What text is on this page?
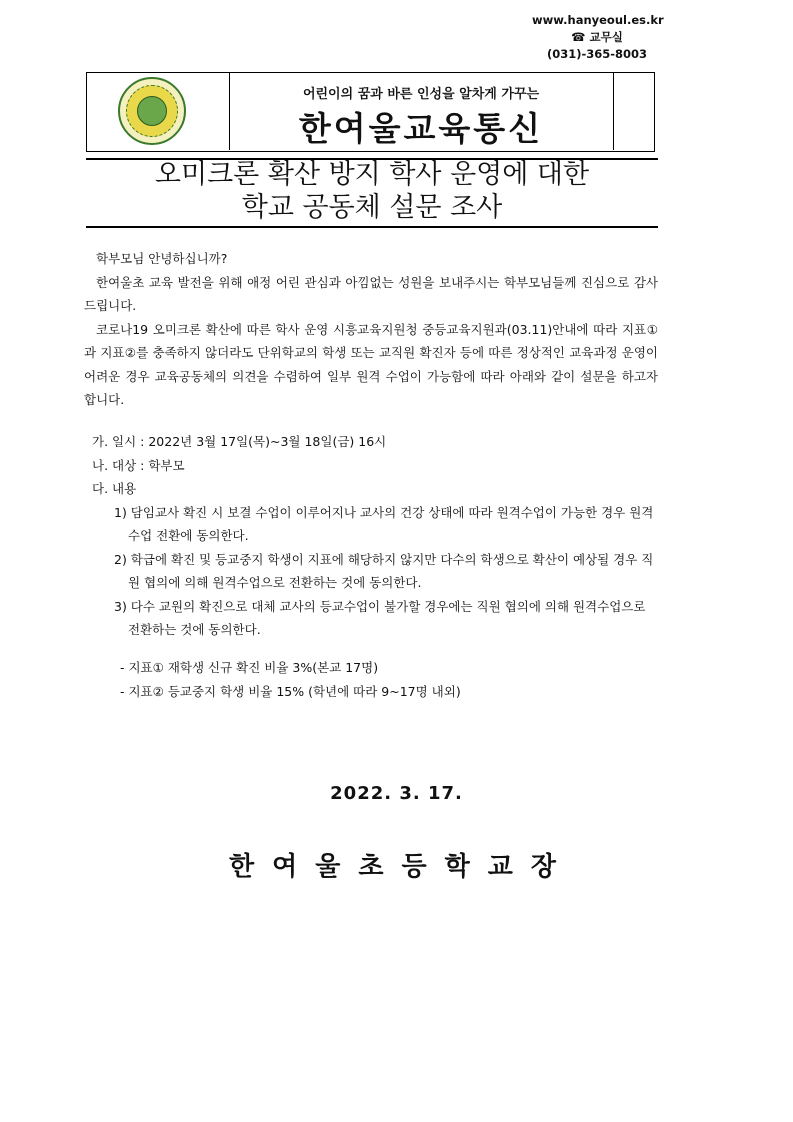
어린이의 꿈과 바른 인성을 알차게 가꾸는
한여울교육통신
www.hanyeoul.es.kr
☎ 교무실
(031)-365-8003
오미크론 확산 방지 학사 운영에 대한
학교 공동체 설문 조사

학부모님 안녕하십니까?

한여울초 교육 발전을 위해 애정 어린 관심과 아낌없는 성원을 보내주시는 학부모님들께 진심으로 감사드립니다.

코로나19 오미크론 확산에 따른 학사 운영 시흥교육지원청 중등교육지원과(03.11)안내에 따라 지표①과 지표②를 충족하지 않더라도 단위학교의 학생 또는 교직원 확진자 등에 따른 정상적인 교육과정 운영이 어려운 경우 교육공동체의 의견을 수렴하여 일부 원격 수업이 가능함에 따라 아래와 같이 설문을 하고자 합니다.

가. 일시 : 2022년 3월 17일(목)~3월 18일(금) 16시

나. 대상 : 학부모

다. 내용

1) 담임교사 확진 시 보결 수업이 이루어지나 교사의 건강 상태에 따라 원격수업이 가능한 경우 원격수업 전환에 동의한다.

2) 학급에 확진 및 등교중지 학생이 지표에 해당하지 않지만 다수의 학생으로 확산이 예상될 경우 직원 협의에 의해 원격수업으로 전환하는 것에 동의한다.

3) 다수 교원의 확진으로 대체 교사의 등교수업이 불가할 경우에는 직원 협의에 의해 원격수업으로 전환하는 것에 동의한다.

- 지표① 재학생 신규 확진 비율 3%(본교 17명)

- 지표② 등교중지 학생 비율 15% (학년에 따라 9~17명 내외)

2022. 3. 17.
한여울초등학교장
